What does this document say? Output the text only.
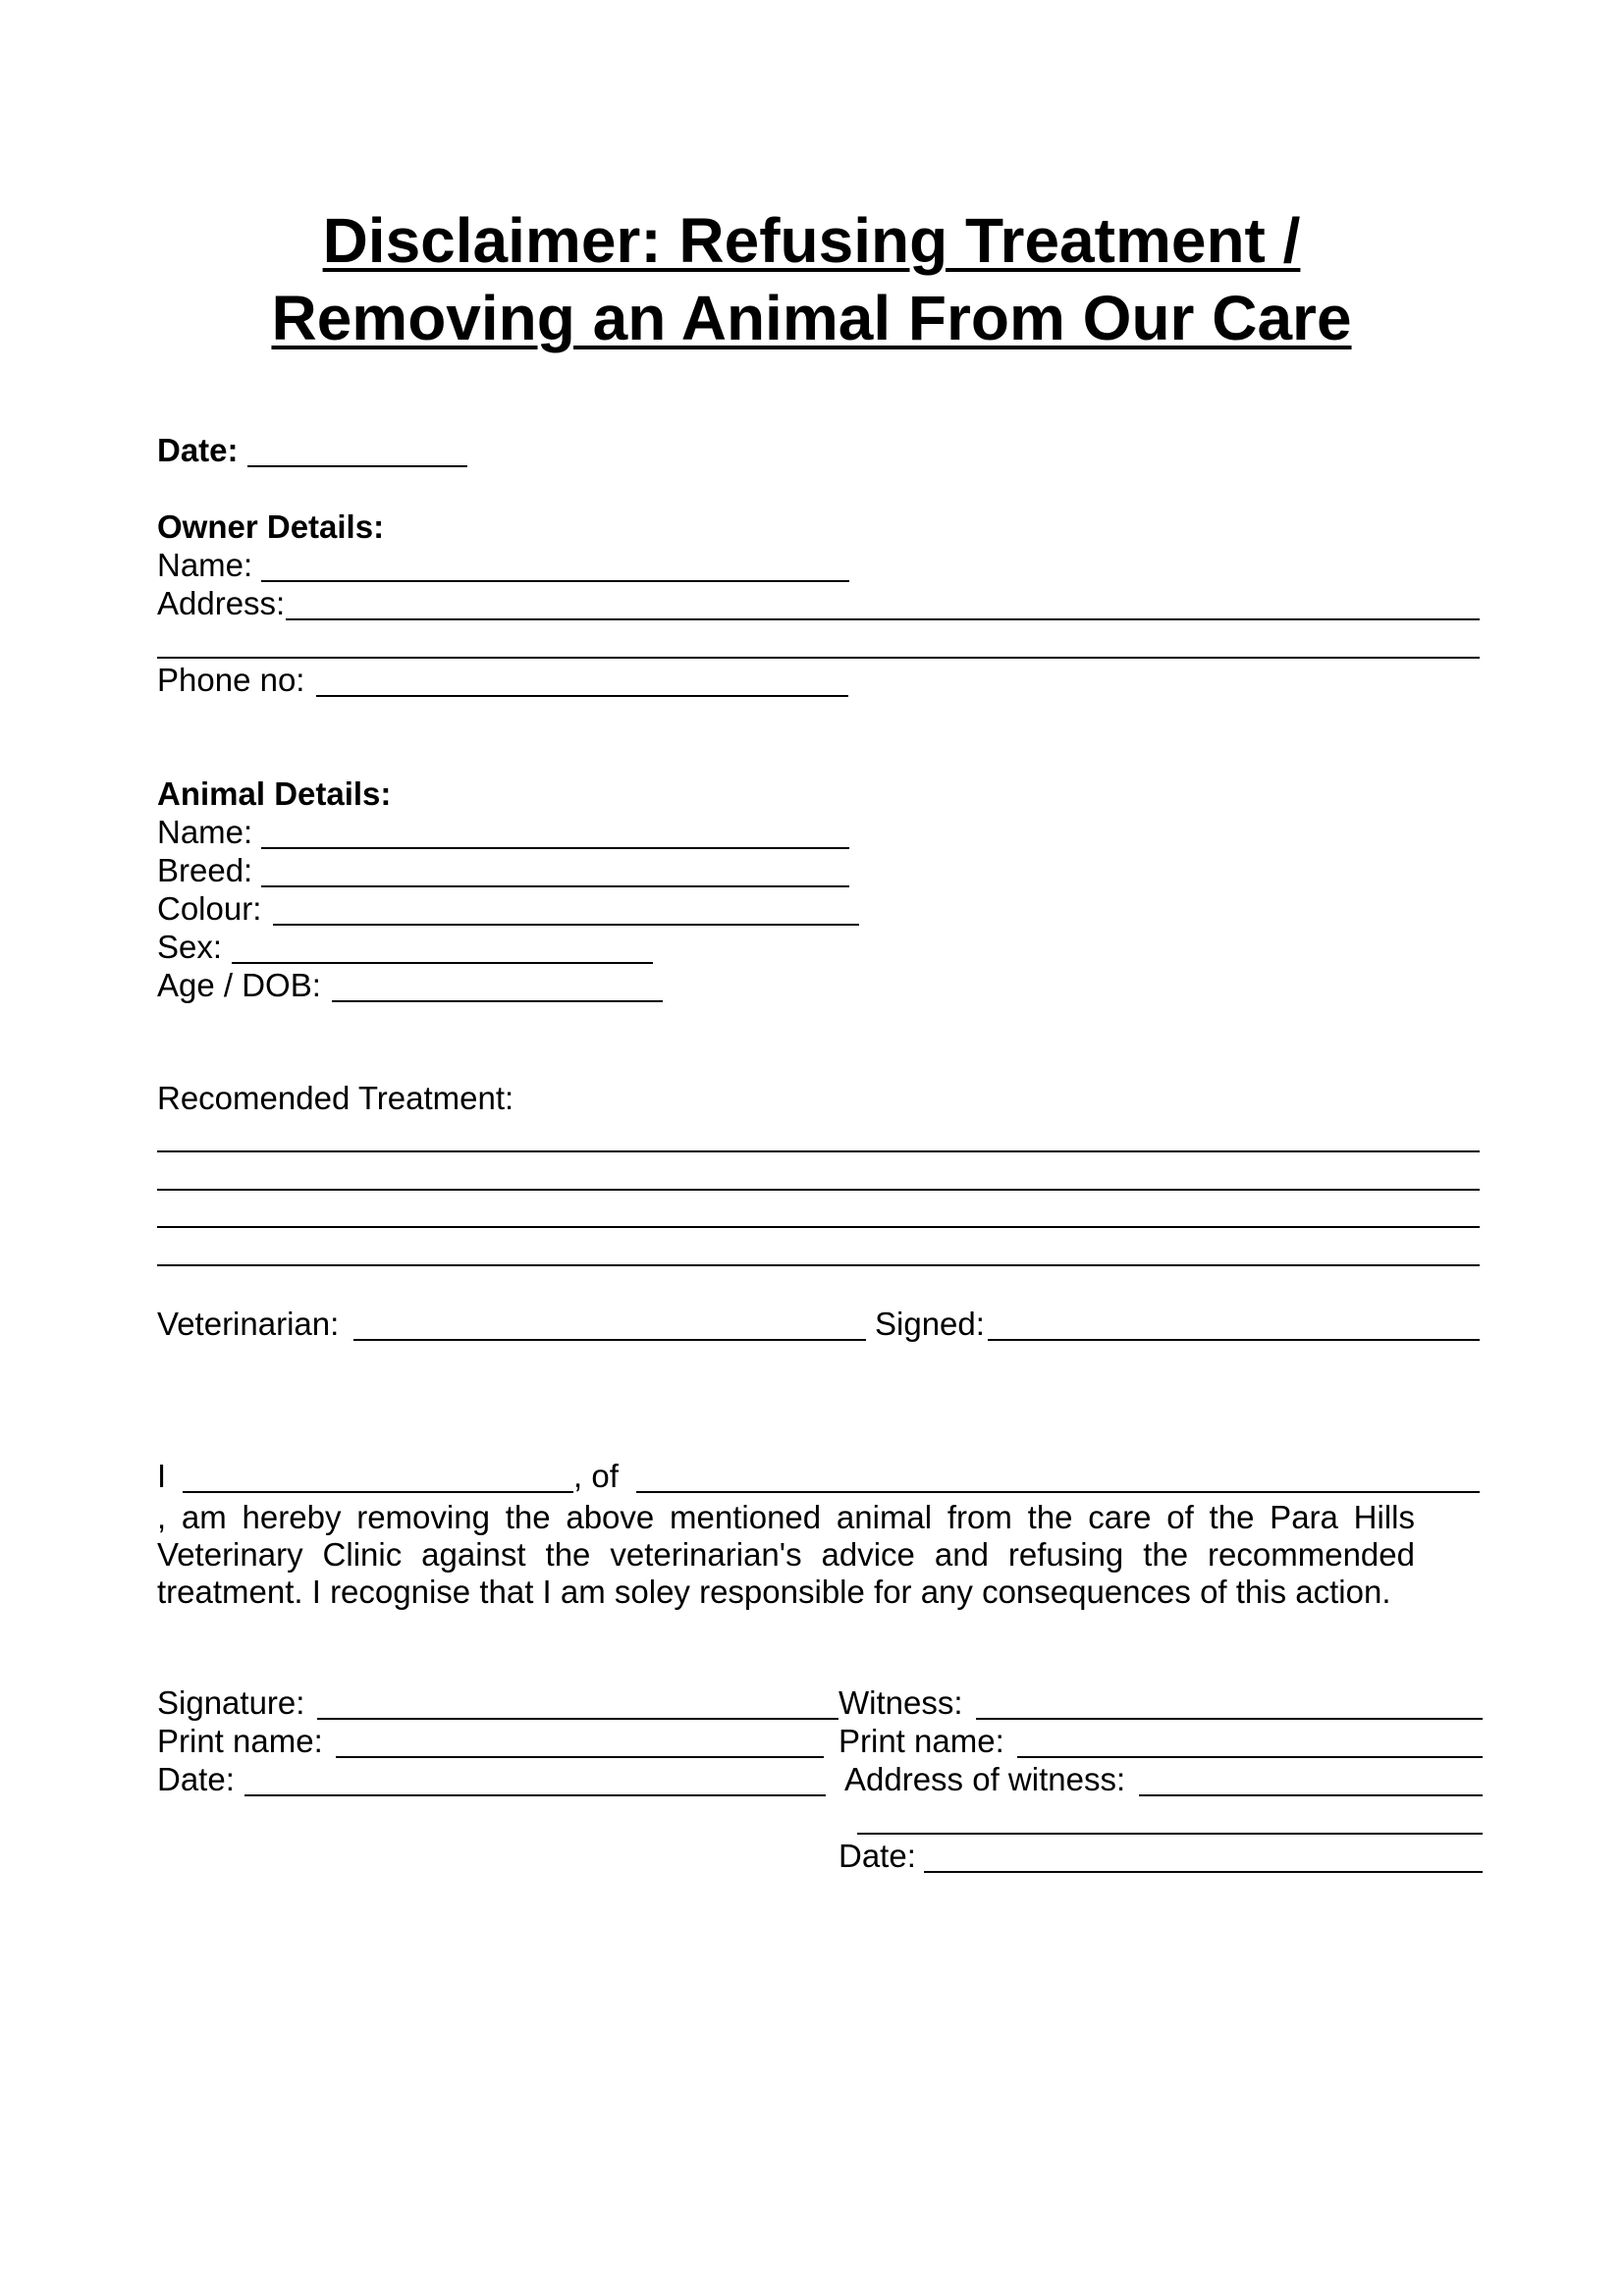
Disclaimer: Refusing Treatment /
Removing an Animal From Our Care
Date:
Owner Details:
Name:
Address:
Phone no:
Animal Details:
Name:
Breed:
Colour:
Sex:
Age / DOB:
Recomended Treatment:
Veterinarian:	Signed:
I	, of
, am hereby removing the above mentioned animal from the care of the Para Hills Veterinary Clinic against the veterinarian's advice and refusing the recommended treatment. I recognise that I am soley responsible for any consequences of this action.
Signature:
Print name:
Date:
Witness:
Print name:
Address of witness:
Date:
